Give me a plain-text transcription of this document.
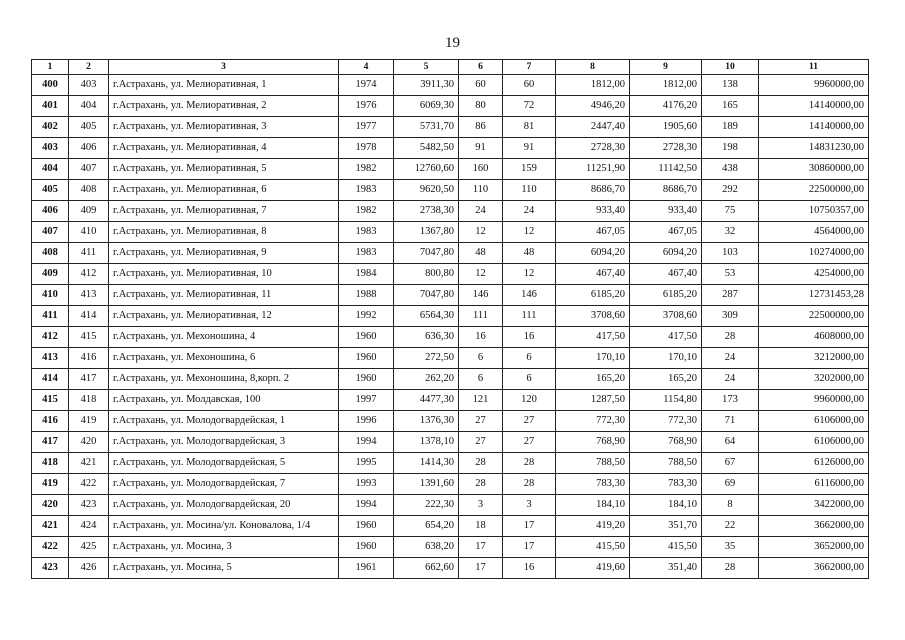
19
1	2	3	4	5	6	7	8	9	10	11
400	403	г.Астрахань, ул. Мелиоративная, 1	1974	3911,30	60	60	1812,00	1812,00	138	9960000,00
401	404	г.Астрахань, ул. Мелиоративная, 2	1976	6069,30	80	72	4946,20	4176,20	165	14140000,00
402	405	г.Астрахань, ул. Мелиоративная, 3	1977	5731,70	86	81	2447,40	1905,60	189	14140000,00
403	406	г.Астрахань, ул. Мелиоративная, 4	1978	5482,50	91	91	2728,30	2728,30	198	14831230,00
404	407	г.Астрахань, ул. Мелиоративная, 5	1982	12760,60	160	159	11251,90	11142,50	438	30860000,00
405	408	г.Астрахань, ул. Мелиоративная, 6	1983	9620,50	110	110	8686,70	8686,70	292	22500000,00
406	409	г.Астрахань, ул. Мелиоративная, 7	1982	2738,30	24	24	933,40	933,40	75	10750357,00
407	410	г.Астрахань, ул. Мелиоративная, 8	1983	1367,80	12	12	467,05	467,05	32	4564000,00
408	411	г.Астрахань, ул. Мелиоративная, 9	1983	7047,80	48	48	6094,20	6094,20	103	10274000,00
409	412	г.Астрахань, ул. Мелиоративная, 10	1984	800,80	12	12	467,40	467,40	53	4254000,00
410	413	г.Астрахань, ул. Мелиоративная, 11	1988	7047,80	146	146	6185,20	6185,20	287	12731453,28
411	414	г.Астрахань, ул. Мелиоративная, 12	1992	6564,30	111	111	3708,60	3708,60	309	22500000,00
412	415	г.Астрахань, ул. Мехоношина, 4	1960	636,30	16	16	417,50	417,50	28	4608000,00
413	416	г.Астрахань, ул. Мехоношина, 6	1960	272,50	6	6	170,10	170,10	24	3212000,00
414	417	г.Астрахань, ул. Мехоношина, 8,корп. 2	1960	262,20	6	6	165,20	165,20	24	3202000,00
415	418	г.Астрахань, ул. Молдавская, 100	1997	4477,30	121	120	1287,50	1154,80	173	9960000,00
416	419	г.Астрахань, ул. Молодогвардейская, 1	1996	1376,30	27	27	772,30	772,30	71	6106000,00
417	420	г.Астрахань, ул. Молодогвардейская, 3	1994	1378,10	27	27	768,90	768,90	64	6106000,00
418	421	г.Астрахань, ул. Молодогвардейская, 5	1995	1414,30	28	28	788,50	788,50	67	6126000,00
419	422	г.Астрахань, ул. Молодогвардейская, 7	1993	1391,60	28	28	783,30	783,30	69	6116000,00
420	423	г.Астрахань, ул. Молодогвардейская, 20	1994	222,30	3	3	184,10	184,10	8	3422000,00
421	424	г.Астрахань, ул. Мосина/ул. Коновалова, 1/4	1960	654,20	18	17	419,20	351,70	22	3662000,00
422	425	г.Астрахань, ул. Мосина, 3	1960	638,20	17	17	415,50	415,50	35	3652000,00
423	426	г.Астрахань, ул. Мосина, 5	1961	662,60	17	16	419,60	351,40	28	3662000,00
